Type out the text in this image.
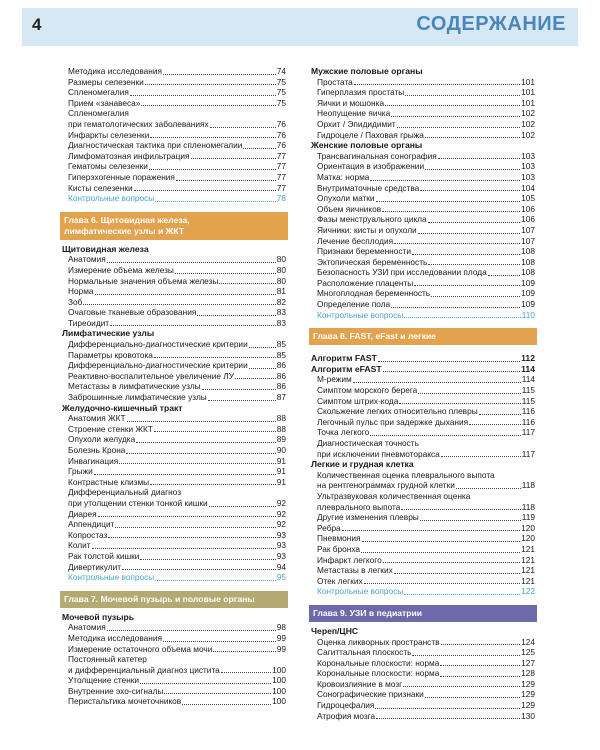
4	СОДЕРЖАНИЕ
Методика исследования	74
Размеры селезенки	75
Спленомегалия	75
Прием «занавеса»	75
Спленомегалия
при гематологических заболеваниях	76
Инфаркты селезенки	76
Диагностическая тактика при спленомегалии	76
Лимфоматозная инфильтрация	77
Гематомы селезенки	77
Гиперэхогенные поражения	77
Кисты селезенки	77
Контрольные вопросы	78
Глава 6. Щитовидная железа,
лимфатические узлы и ЖКТ
Щитовидная железа
Анатомия	80
Измерение объема железы	80
Нормальные значения объема железы	80
Норма	81
Зоб	82
Очаговые тканевые образования	83
Тиреоидит	83
Лимфатические узлы
Дифференциально-диагностические критерии	85
Параметры кровотока	85
Дифференциально-диагностические критерии	86
Реактивно-воспалительное увеличение ЛУ	86
Метастазы в лимфатические узлы	86
Заброшинные лимфатические узлы	87
Желудочно-кишечный тракт
Анатомия ЖКТ	88
Строение стенки ЖКТ	88
Опухоли желудка	89
Болезнь Крона	90
Инвагинация	91
Грыжи	91
Контрастные клизмы	91
Дифференциальный диагноз
при утолщении стенки тонкой кишки	92
Диарея	92
Аппендицит	92
Копростаз	93
Колит	93
Рак толстой кишки	93
Дивертикулит	94
Контрольные вопросы	95
Глава 7. Мочевой пузырь и половые органы
Мочевой пузырь
Анатомия	98
Методика исследования	99
Измерение остаточного объема мочи	99
Постоянный катетер
и дифференциальный диагноз цистита	100
Утолщение стенки	100
Внутренние эхо-сигналы	100
Перистальтика мочеточников	100
Мужские половые органы
Простата	101
Гиперплазия простаты	101
Яички и мошонка	101
Неопущение яичка	102
Орхит / Эпидидимит	102
Гидроцеле / Паховая грыжа	102
Женские половые органы
Трансвагинальная сонография	103
Ориентация в изображении	103
Матка: норма	103
Внутриматочные средства	104
Опухоли матки	105
Объем яичников	106
Фазы менструального цикла	106
Яичники: кисты и опухоли	107
Лечение бесплодия	107
Признаки беременности	108
Эктопическая беременность	108
Безопасность УЗИ при исследовании плода	108
Расположение плаценты	109
Многоплодная беременность	109
Определение пола	109
Контрольные вопросы	110
Глава 8. FAST, eFast и легкие
Алгоритм FAST	112
Алгоритм eFAST	114
М-режим	114
Симптом морского берега	115
Симптом штрих-кода	115
Скольжение легких относительно плевры	116
Легочный пульс при задержке дыхания	116
Точка легкого	117
Диагностическая точность
при исключении пневмоторакса	117
Легкие и грудная клетка
Количественная оценка плеврального выпота
на рентгенограммах грудной клетки	118
Ультразвуковая количественная оценка
плеврального выпота	118
Другие изменения плевры	119
Ребра	120
Пневмония	120
Рак бронха	121
Инфаркт легкого	121
Метастазы в легких	121
Отек легких	121
Контрольные вопросы	122
Глава 9. УЗИ в педиатрии
Череп/ЦНС
Оценка ликворных пространств	124
Сагиттальная плоскость	125
Корональные плоскости: норма	127
Корональные плоскости: норма	128
Кровоизлияние в мозг	129
Сонографические признаки	129
Гидроцефалия	129
Атрофия мозга	130
